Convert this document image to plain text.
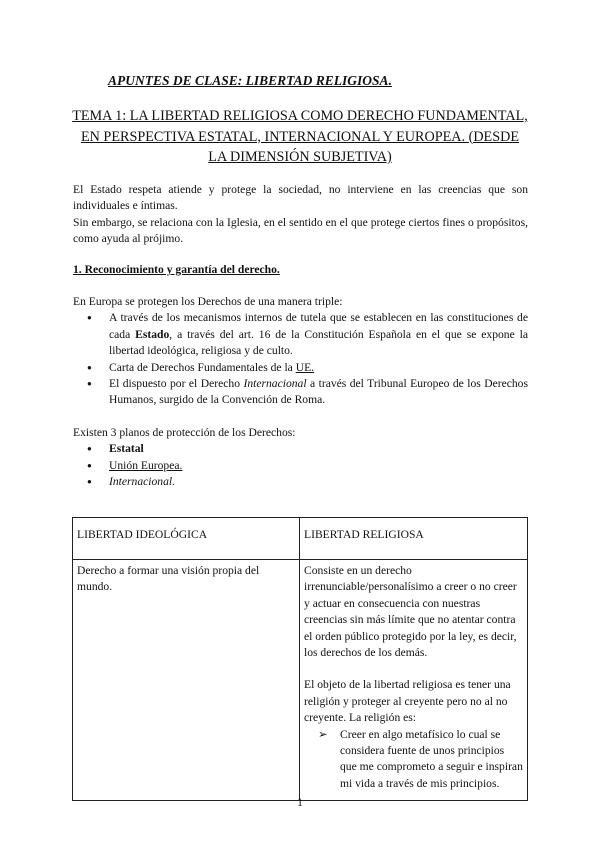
APUNTES DE CLASE: LIBERTAD RELIGIOSA.
TEMA 1: LA LIBERTAD RELIGIOSA COMO DERECHO FUNDAMENTAL, EN PERSPECTIVA ESTATAL, INTERNACIONAL Y EUROPEA. (DESDE LA DIMENSIÓN SUBJETIVA)
El Estado respeta atiende y protege la sociedad, no interviene en las creencias que son individuales e íntimas.
Sin embargo, se relaciona con la Iglesia, en el sentido en el que protege ciertos fines o propósitos, como ayuda al prójimo.
1. Reconocimiento y garantía del derecho.
En Europa se protegen los Derechos de una manera triple:
● A través de los mecanismos internos de tutela que se establecen en las constituciones de cada Estado, a través del art. 16 de la Constitución Española en el que se expone la libertad ideológica, religiosa y de culto.
● Carta de Derechos Fundamentales de la UE.
● El dispuesto por el Derecho Internacional a través del Tribunal Europeo de los Derechos Humanos, surgido de la Convención de Roma.
Existen 3 planos de protección de los Derechos:
● Estatal
● Unión Europea.
● Internacional.
LIBERTAD IDEOLÓGICA	LIBERTAD RELIGIOSA
Derecho a formar una visión propia del mundo.	Consiste en un derecho irrenunciable/personalísimo a creer o no creer y actuar en consecuencia con nuestras creencias sin más límite que no atentar contra el orden público protegido por la ley, es decir, los derechos de los demás.
El objeto de la libertad religiosa es tener una religión y proteger al creyente pero no al no creyente. La religión es:
➢ Creer en algo metafísico lo cual se considera fuente de unos principios que me comprometo a seguir e inspiran mi vida a través de mis principios.
1
